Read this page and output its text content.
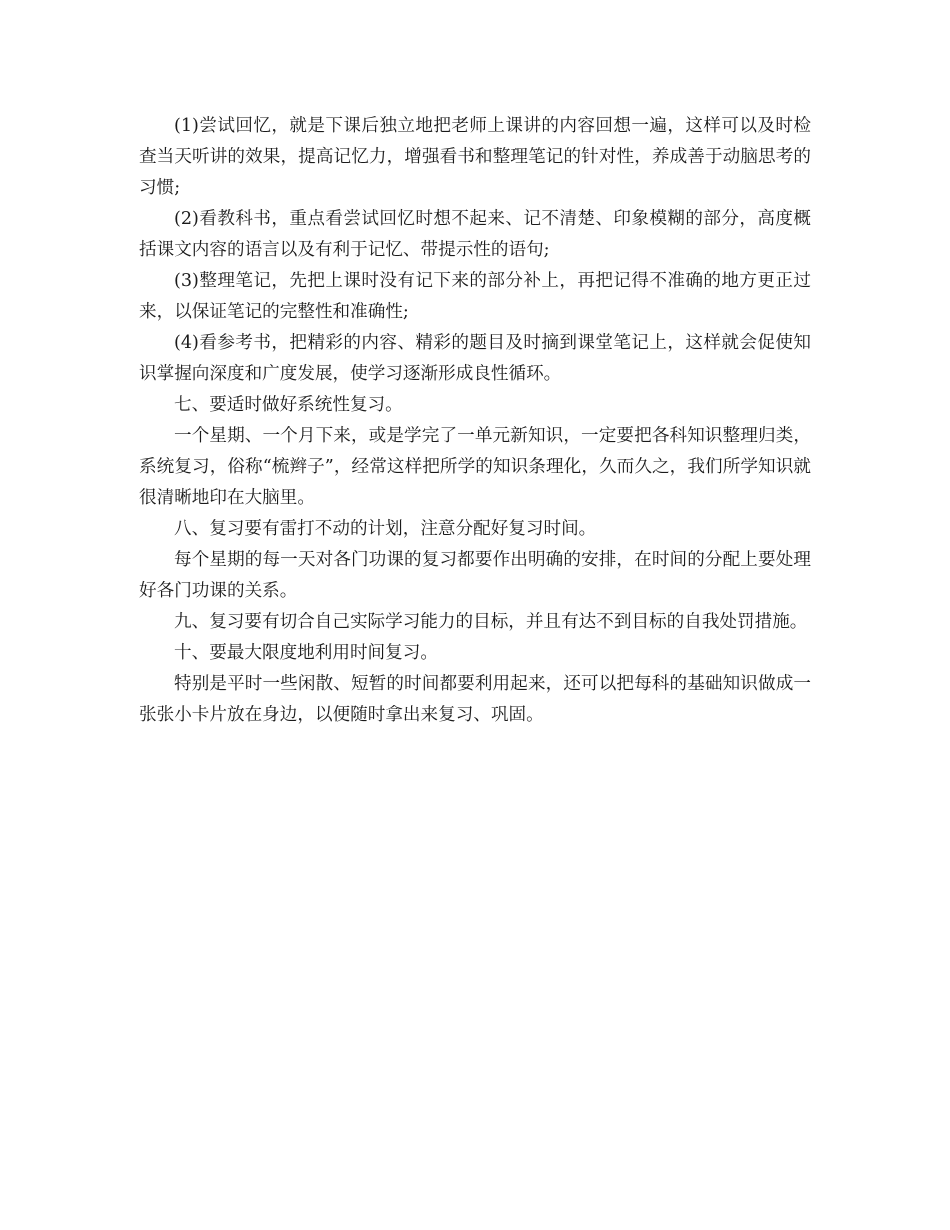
(1)尝试回忆，就是下课后独立地把老师上课讲的内容回想一遍，这样可以及时检查当天听讲的效果，提高记忆力，增强看书和整理笔记的针对性，养成善于动脑思考的习惯;

(2)看教科书，重点看尝试回忆时想不起来、记不清楚、印象模糊的部分，高度概括课文内容的语言以及有利于记忆、带提示性的语句;

(3)整理笔记，先把上课时没有记下来的部分补上，再把记得不准确的地方更正过来，以保证笔记的完整性和准确性;

(4)看参考书，把精彩的内容、精彩的题目及时摘到课堂笔记上，这样就会促使知识掌握向深度和广度发展，使学习逐渐形成良性循环。

七、要适时做好系统性复习。

一个星期、一个月下来，或是学完了一单元新知识，一定要把各科知识整理归类，系统复习，俗称“梳辫子”，经常这样把所学的知识条理化，久而久之，我们所学知识就很清晰地印在大脑里。

八、复习要有雷打不动的计划，注意分配好复习时间。

每个星期的每一天对各门功课的复习都要作出明确的安排，在时间的分配上要处理好各门功课的关系。

九、复习要有切合自己实际学习能力的目标，并且有达不到目标的自我处罚措施。

十、要最大限度地利用时间复习。

特别是平时一些闲散、短暂的时间都要利用起来，还可以把每科的基础知识做成一张张小卡片放在身边，以便随时拿出来复习、巩固。
